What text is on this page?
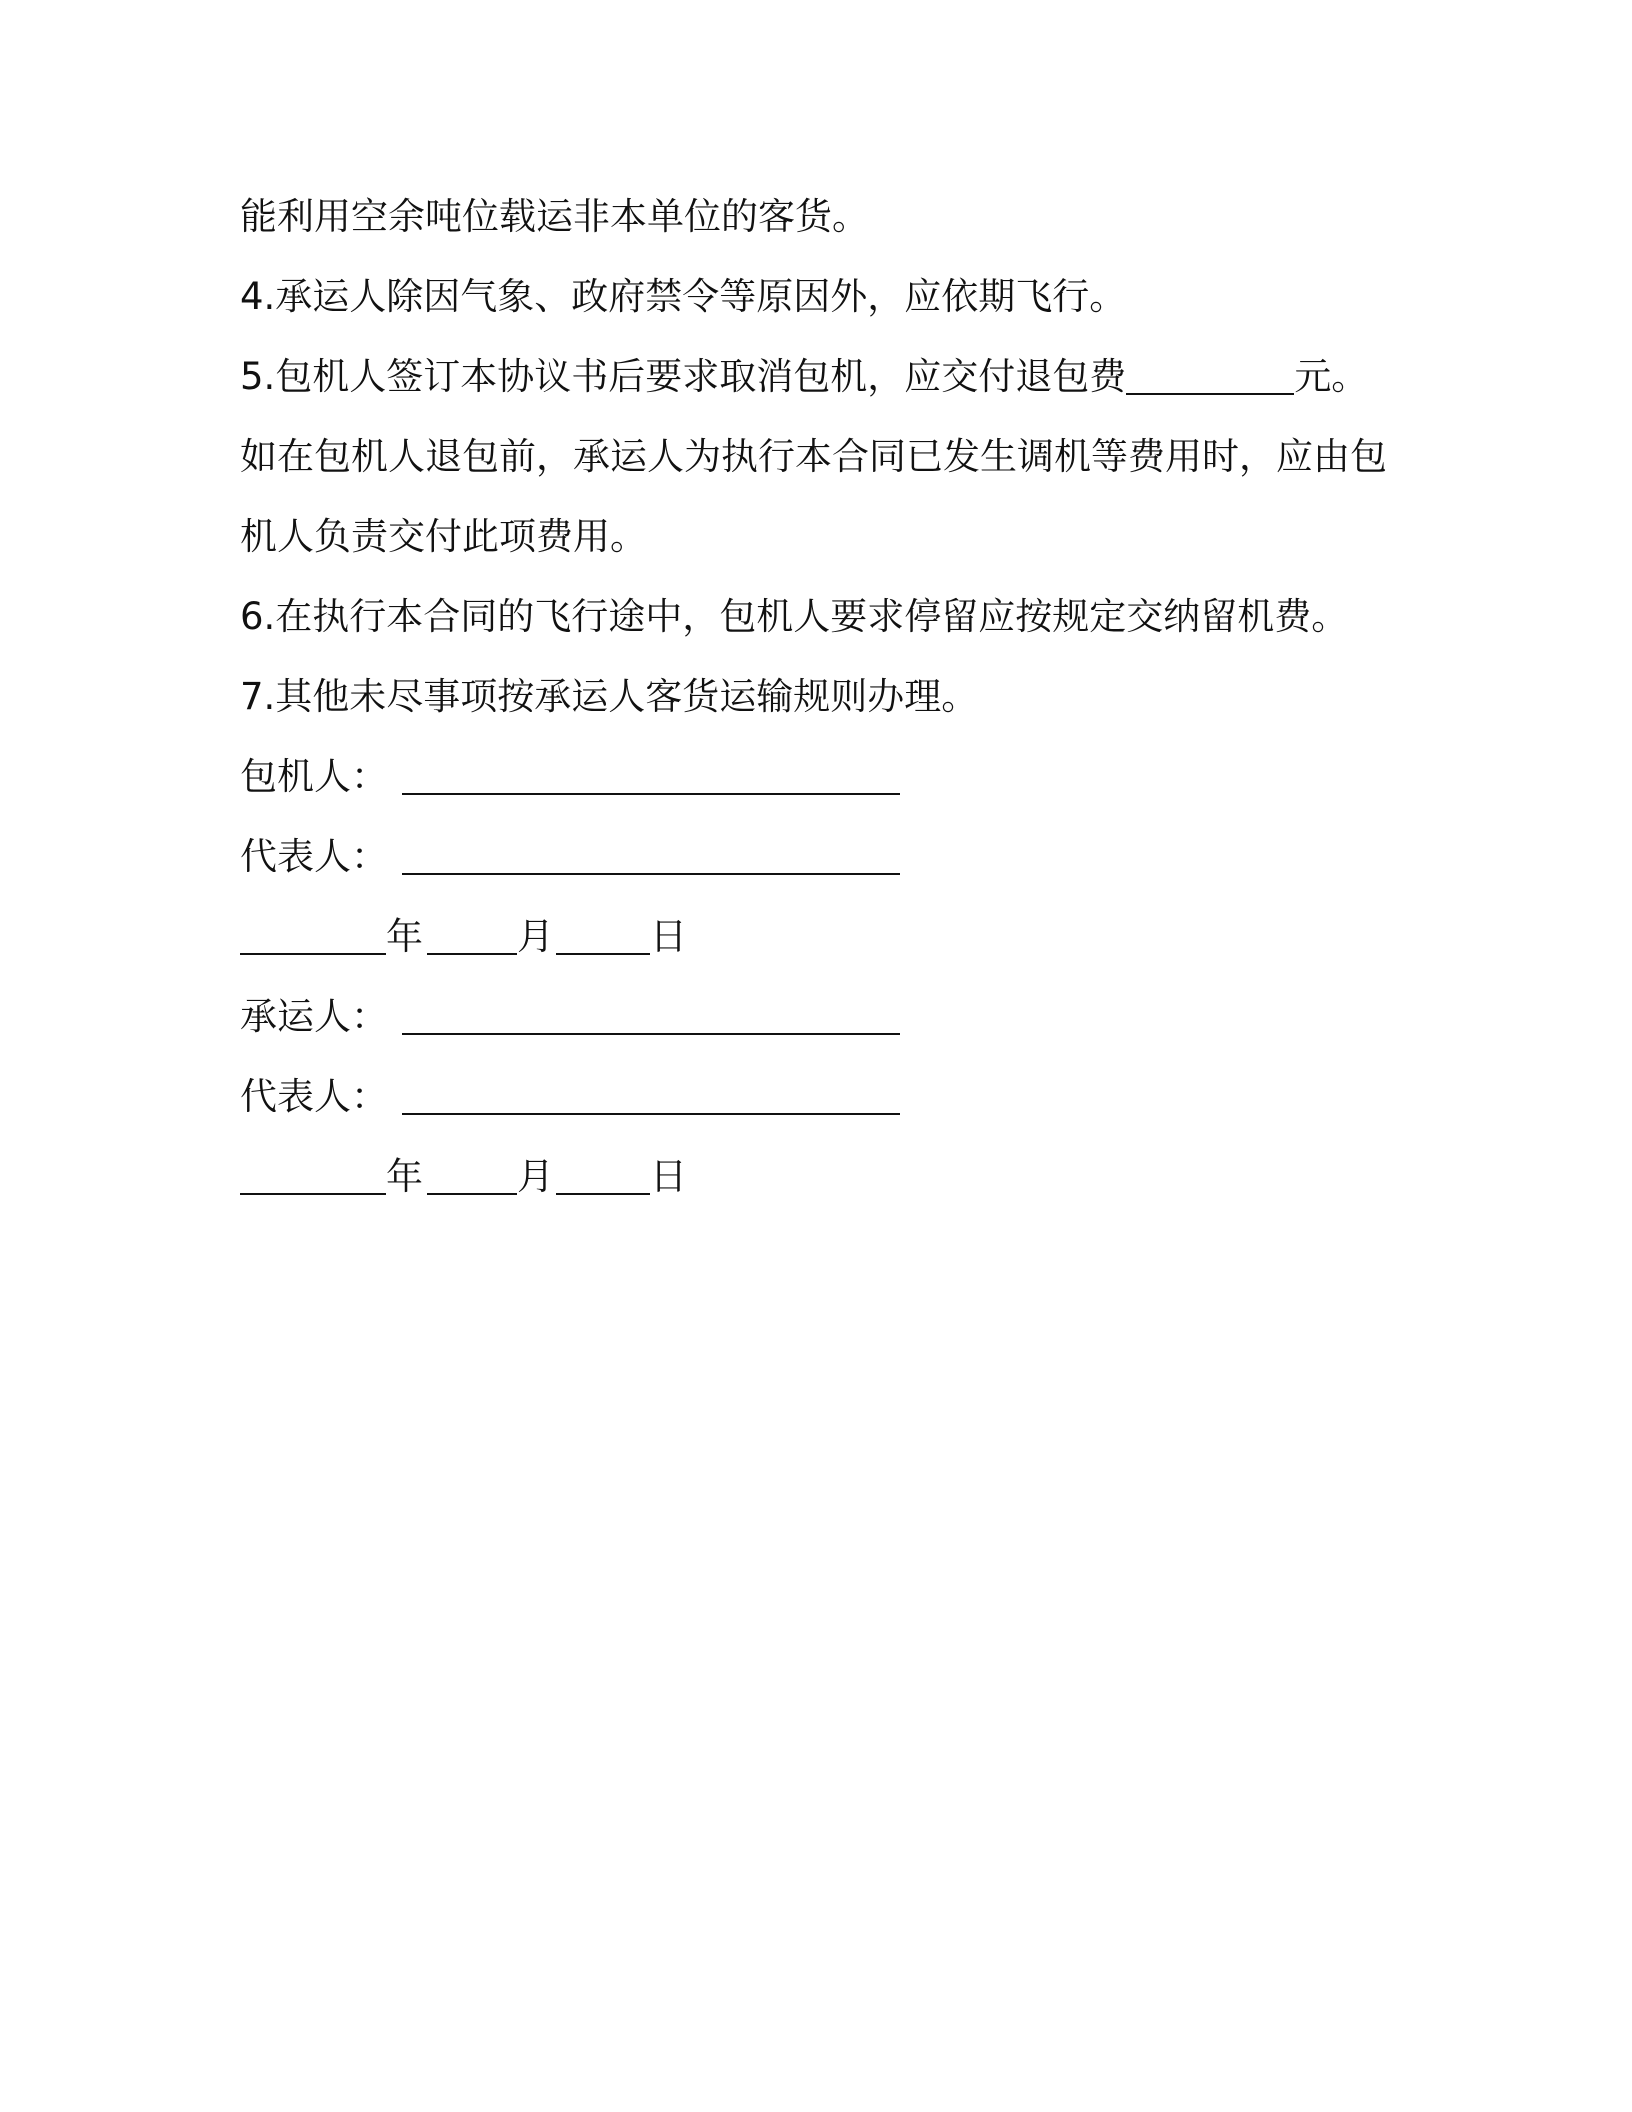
能利用空余吨位载运非本单位的客货。
4.承运人除因气象、政府禁令等原因外，应依期飞行。
5.包机人签订本协议书后要求取消包机，应交付退包费	元。
如在包机人退包前，承运人为执行本合同已发生调机等费用时，应由包
机人负责交付此项费用。
6.在执行本合同的飞行途中，包机人要求停留应按规定交纳留机费。
7.其他未尽事项按承运人客货运输规则办理。
包机人：
代表人：
年	月	日
承运人：
代表人：
年	月	日
